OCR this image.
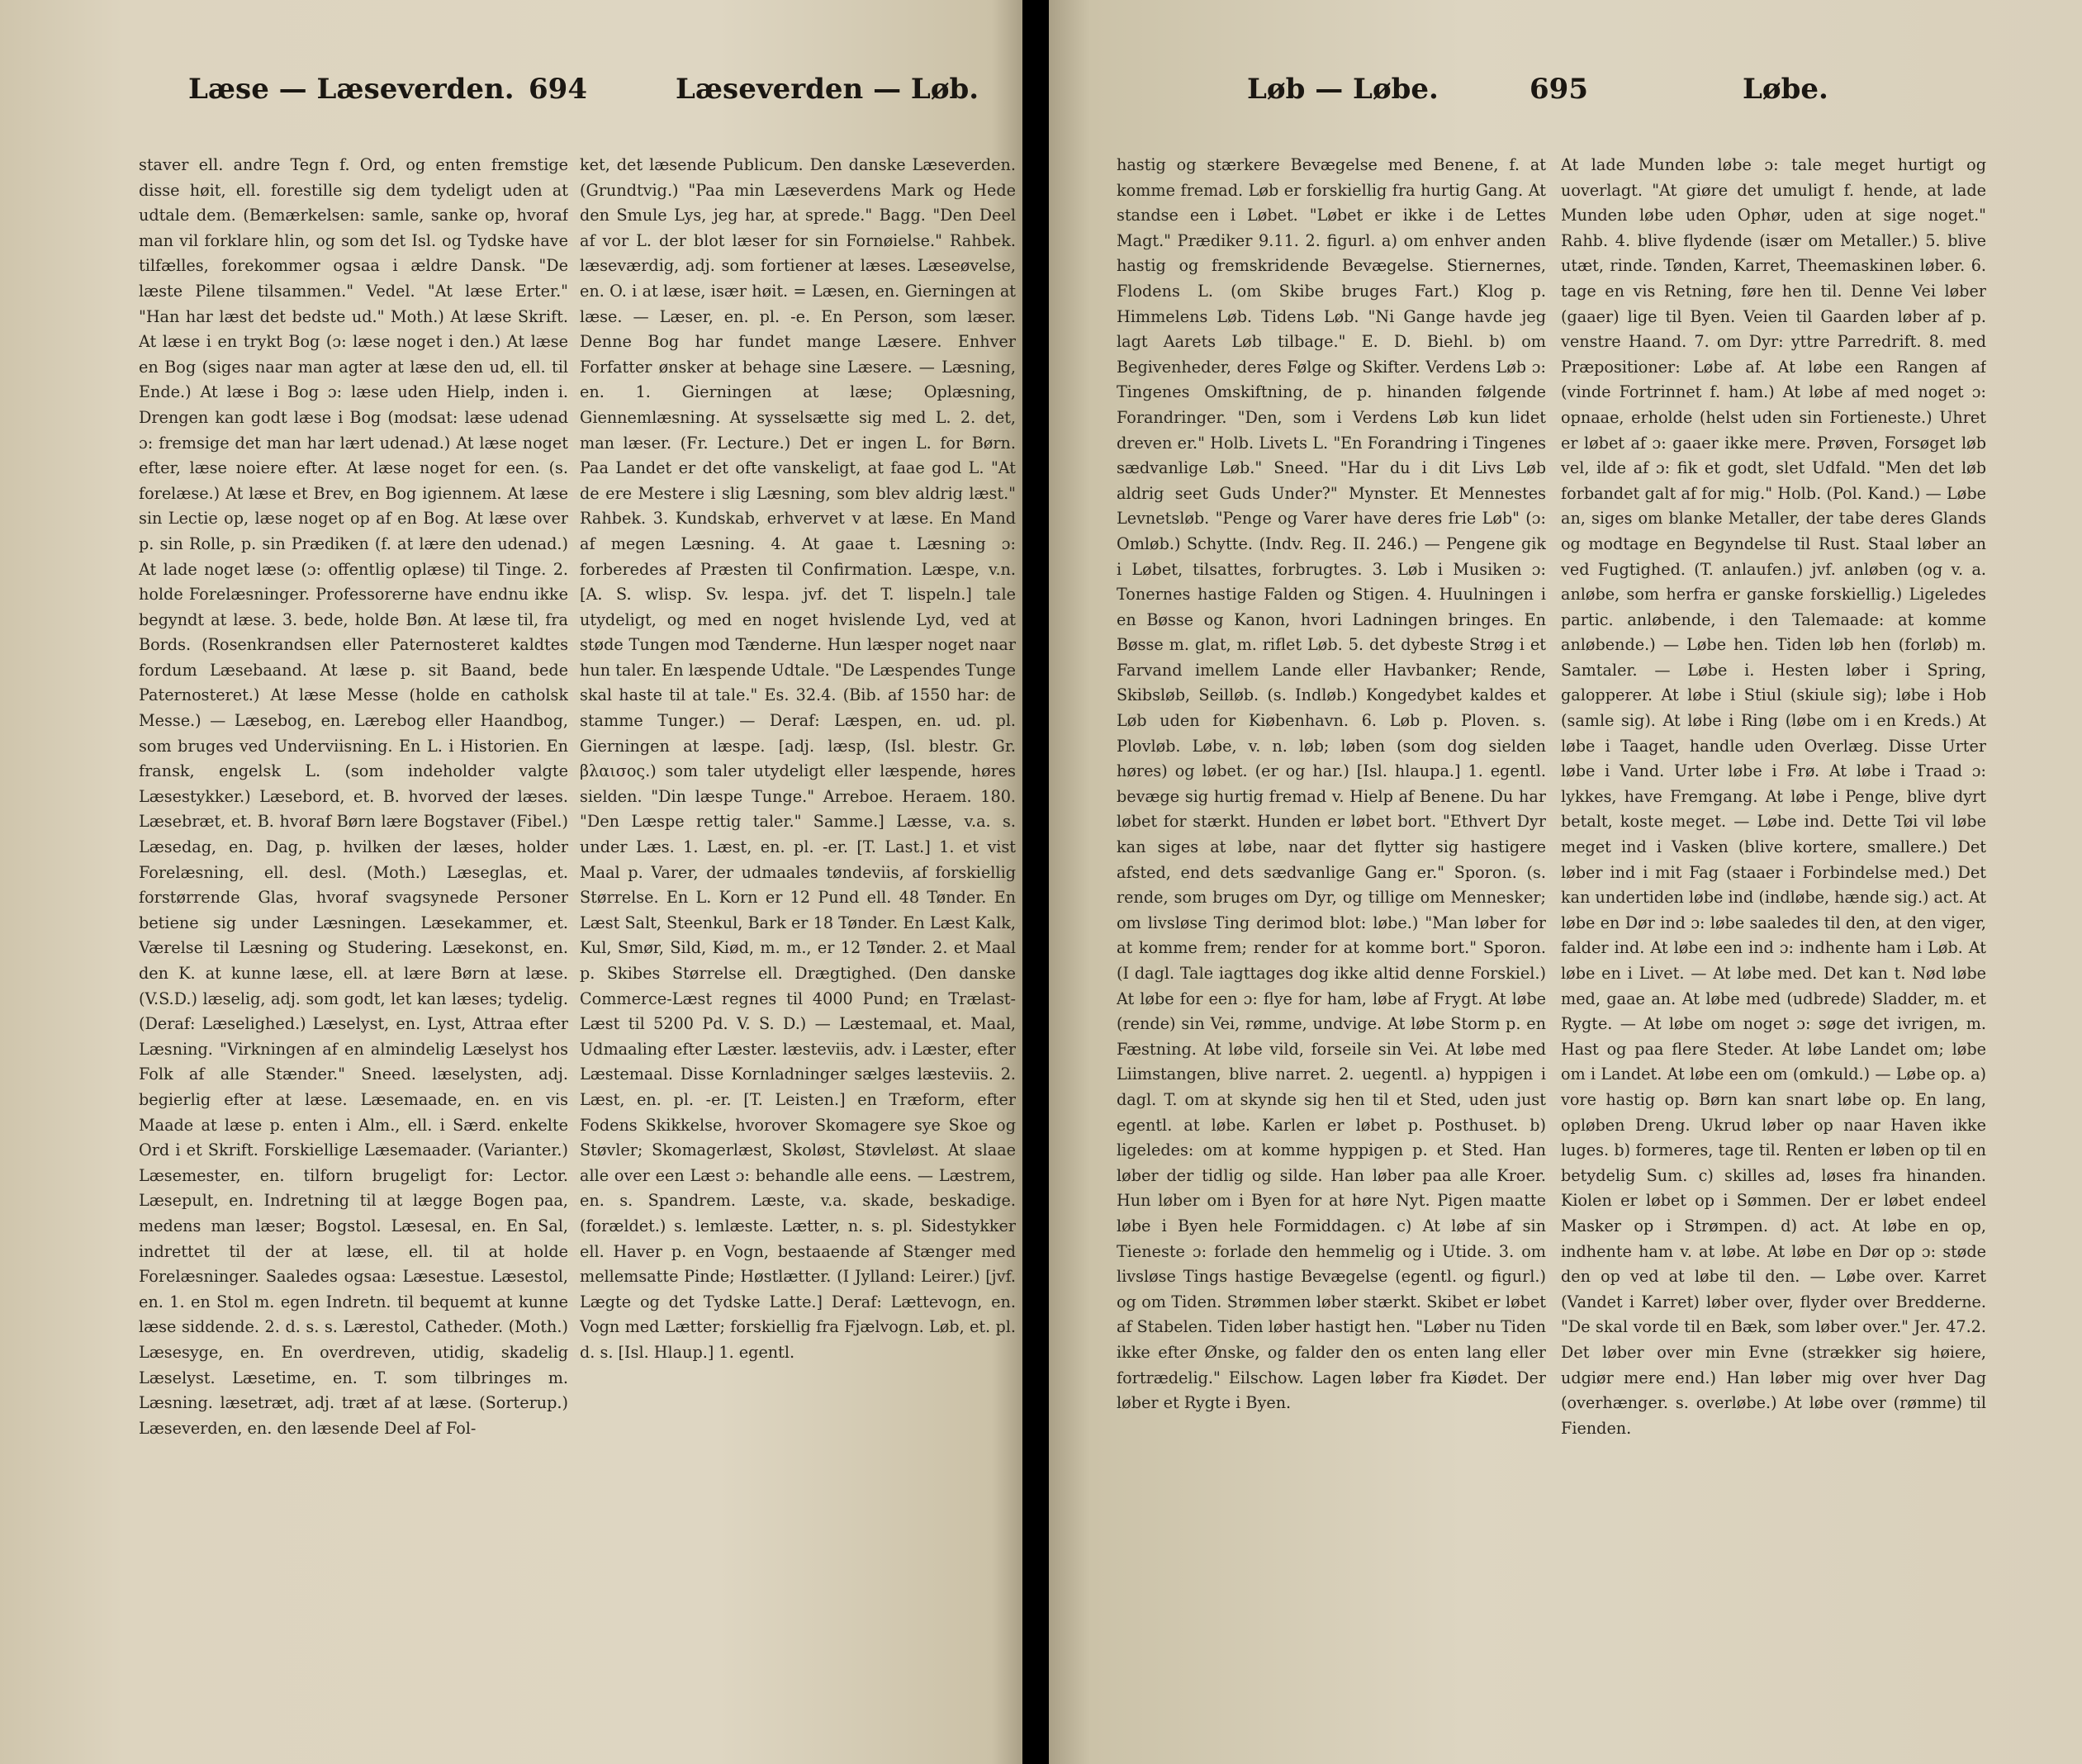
Læse — Læseverden. 694	Læseverden — Løb.

staver ell. andre Tegn f. Ord, og enten fremstige disse høit, ell. forestille sig dem tydeligt uden at udtale dem. (Bemærkelsen: samle, sanke op, hvoraf man vil forklare hlin, og som det Isl. og Tydske have tilfælles, forekommer ogsaa i ældre Dansk. "De læste Pilene tilsammen." Vedel. "At læse Erter." "Han har læst det bedste ud." Moth.) At læse Skrift. At læse i en trykt Bog (ɔ: læse noget i den.) At læse en Bog (siges naar man agter at læse den ud, ell. til Ende.) At læse i Bog ɔ: læse uden Hielp, inden i. Drengen kan godt læse i Bog (modsat: læse udenad ɔ: fremsige det man har lært udenad.) At læse noget efter, læse noiere efter. At læse noget for een. (s. forelæse.) At læse et Brev, en Bog igiennem. At læse sin Lectie op, læse noget op af en Bog. At læse over p. sin Rolle, p. sin Prædiken (f. at lære den udenad.) At lade noget læse (ɔ: offentlig oplæse) til Tinge. 2. holde Forelæsninger. Professorerne have endnu ikke begyndt at læse. 3. bede, holde Bøn. At læse til, fra Bords. (Rosenkrandsen eller Paternosteret kaldtes fordum Læsebaand. At læse p. sit Baand, bede Paternosteret.) At læse Messe (holde en catholsk Messe.) — Læsebog, en. Lærebog eller Haandbog, som bruges ved Underviisning. En L. i Historien. En fransk, engelsk L. (som indeholder valgte Læsestykker.) Læsebord, et. B. hvorved der læses. Læsebræt, et. B. hvoraf Børn lære Bogstaver (Fibel.) Læsedag, en. Dag, p. hvilken der læses, holder Forelæsning, ell. desl. (Moth.) Læseglas, et. forstørrende Glas, hvoraf svagsynede Personer betiene sig under Læsningen. Læsekammer, et. Værelse til Læsning og Studering. Læsekonst, en. den K. at kunne læse, ell. at lære Børn at læse. (V.S.D.) læselig, adj. som godt, let kan læses; tydelig. (Deraf: Læselighed.) Læselyst, en. Lyst, Attraa efter Læsning. "Virkningen af en almindelig Læselyst hos Folk af alle Stænder." Sneed. læselysten, adj. begierlig efter at læse. Læsemaade, en. en vis Maade at læse p. enten i Alm., ell. i Særd. enkelte Ord i et Skrift. Forskiellige Læsemaader. (Varianter.) Læsemester, en. tilforn brugeligt for: Lector. Læsepult, en. Indretning til at lægge Bogen paa, medens man læser; Bogstol. Læsesal, en. En Sal, indrettet til der at læse, ell. til at holde Forelæsninger. Saaledes ogsaa: Læsestue. Læsestol, en. 1. en Stol m. egen Indretn. til bequemt at kunne læse siddende. 2. d. s. s. Lærestol, Catheder. (Moth.) Læsesyge, en. En overdreven, utidig, skadelig Læselyst. Læsetime, en. T. som tilbringes m. Læsning. læsetræt, adj. træt af at læse. (Sorterup.) Læseverden, en. den læsende Deel af Fol-

ket, det læsende Publicum. Den danske Læseverden. (Grundtvig.) "Paa min Læseverdens Mark og Hede den Smule Lys, jeg har, at sprede." Bagg. "Den Deel af vor L. der blot læser for sin Fornøielse." Rahbek. læseværdig, adj. som fortiener at læses. Læseøvelse, en. O. i at læse, især høit. = Læsen, en. Gierningen at læse. — Læser, en. pl. -e. En Person, som læser. Denne Bog har fundet mange Læsere. Enhver Forfatter ønsker at behage sine Læsere. — Læsning, en. 1. Gierningen at læse; Oplæsning, Giennemlæsning. At sysselsætte sig med L. 2. det, man læser. (Fr. Lecture.) Det er ingen L. for Børn. Paa Landet er det ofte vanskeligt, at faae god L. "At de ere Mestere i slig Læsning, som blev aldrig læst." Rahbek. 3. Kundskab, erhvervet v at læse. En Mand af megen Læsning. 4. At gaae t. Læsning ɔ: forberedes af Præsten til Confirmation. Læspe, v.n. [A. S. wlisp. Sv. lespa. jvf. det T. lispeln.] tale utydeligt, og med en noget hvislende Lyd, ved at støde Tungen mod Tænderne. Hun læsper noget naar hun taler. En læspende Udtale. "De Læspendes Tunge skal haste til at tale." Es. 32.4. (Bib. af 1550 har: de stamme Tunger.) — Deraf: Læspen, en. ud. pl. Gierningen at læspe. [adj. læsp, (Isl. blestr. Gr. βλαισος.) som taler utydeligt eller læspende, høres sielden. "Din læspe Tunge." Arreboe. Heraem. 180. "Den Læspe rettig taler." Samme.] Læsse, v.a. s. under Læs. 1. Læst, en. pl. -er. [T. Last.] 1. et vist Maal p. Varer, der udmaales tøndeviis, af forskiellig Størrelse. En L. Korn er 12 Pund ell. 48 Tønder. En Læst Salt, Steenkul, Bark er 18 Tønder. En Læst Kalk, Kul, Smør, Sild, Kiød, m. m., er 12 Tønder. 2. et Maal p. Skibes Størrelse ell. Drægtighed. (Den danske Commerce-Læst regnes til 4000 Pund; en Trælast-Læst til 5200 Pd. V. S. D.) — Læstemaal, et. Maal, Udmaaling efter Læster. læsteviis, adv. i Læster, efter Læstemaal. Disse Kornladninger sælges læsteviis. 2. Læst, en. pl. -er. [T. Leisten.] en Træform, efter Fodens Skikkelse, hvorover Skomagere sye Skoe og Støvler; Skomagerlæst, Skoløst, Støvleløst. At slaae alle over een Læst ɔ: behandle alle eens. — Læstrem, en. s. Spandrem. Læste, v.a. skade, beskadige. (forældet.) s. lemlæste. Lætter, n. s. pl. Sidestykker ell. Haver p. en Vogn, bestaaende af Stænger med mellemsatte Pinde; Høstlætter. (I Jylland: Leirer.) [jvf. Lægte og det Tydske Latte.] Deraf: Lættevogn, en. Vogn med Lætter; forskiellig fra Fjælvogn. Løb, et. pl. d. s. [Isl. Hlaup.] 1. egentl.

Løb — Løbe.	695	Løbe.

hastig og stærkere Bevægelse med Benene, f. at komme fremad. Løb er forskiellig fra hurtig Gang. At standse een i Løbet. "Løbet er ikke i de Lettes Magt." Prædiker 9.11. 2. figurl. a) om enhver anden hastig og fremskridende Bevægelse. Stiernernes, Flodens L. (om Skibe bruges Fart.) Klog p. Himmelens Løb. Tidens Løb. "Ni Gange havde jeg lagt Aarets Løb tilbage." E. D. Biehl. b) om Begivenheder, deres Følge og Skifter. Verdens Løb ɔ: Tingenes Omskiftning, de p. hinanden følgende Forandringer. "Den, som i Verdens Løb kun lidet dreven er." Holb. Livets L. "En Forandring i Tingenes sædvanlige Løb." Sneed. "Har du i dit Livs Løb aldrig seet Guds Under?" Mynster. Et Mennestes Levnetsløb. "Penge og Varer have deres frie Løb" (ɔ: Omløb.) Schytte. (Indv. Reg. II. 246.) — Pengene gik i Løbet, tilsattes, forbrugtes. 3. Løb i Musiken ɔ: Tonernes hastige Falden og Stigen. 4. Huulningen i en Bøsse og Kanon, hvori Ladningen bringes. En Bøsse m. glat, m. riflet Løb. 5. det dybeste Strøg i et Farvand imellem Lande eller Havbanker; Rende, Skibsløb, Seilløb. (s. Indløb.) Kongedybet kaldes et Løb uden for Kiøbenhavn. 6. Løb p. Ploven. s. Plovløb. Løbe, v. n. løb; løben (som dog sielden høres) og løbet. (er og har.) [Isl. hlaupa.] 1. egentl. bevæge sig hurtig fremad v. Hielp af Benene. Du har løbet for stærkt. Hunden er løbet bort. "Ethvert Dyr kan siges at løbe, naar det flytter sig hastigere afsted, end dets sædvanlige Gang er." Sporon. (s. rende, som bruges om Dyr, og tillige om Mennesker; om livsløse Ting derimod blot: løbe.) "Man løber for at komme frem; render for at komme bort." Sporon. (I dagl. Tale iagttages dog ikke altid denne Forskiel.) At løbe for een ɔ: flye for ham, løbe af Frygt. At løbe (rende) sin Vei, rømme, undvige. At løbe Storm p. en Fæstning. At løbe vild, forseile sin Vei. At løbe med Liimstangen, blive narret. 2. uegentl. a) hyppigen i dagl. T. om at skynde sig hen til et Sted, uden just egentl. at løbe. Karlen er løbet p. Posthuset. b) ligeledes: om at komme hyppigen p. et Sted. Han løber der tidlig og silde. Han løber paa alle Kroer. Hun løber om i Byen for at høre Nyt. Pigen maatte løbe i Byen hele Formiddagen. c) At løbe af sin Tieneste ɔ: forlade den hemmelig og i Utide. 3. om livsløse Tings hastige Bevægelse (egentl. og figurl.) og om Tiden. Strømmen løber stærkt. Skibet er løbet af Stabelen. Tiden løber hastigt hen. "Løber nu Tiden ikke efter Ønske, og falder den os enten lang eller fortrædelig." Eilschow. Lagen løber fra Kiødet. Der løber et Rygte i Byen.

At lade Munden løbe ɔ: tale meget hurtigt og uoverlagt. "At giøre det umuligt f. hende, at lade Munden løbe uden Ophør, uden at sige noget." Rahb. 4. blive flydende (især om Metaller.) 5. blive utæt, rinde. Tønden, Karret, Theemaskinen løber. 6. tage en vis Retning, føre hen til. Denne Vei løber (gaaer) lige til Byen. Veien til Gaarden løber af p. venstre Haand. 7. om Dyr: yttre Parredrift. 8. med Præpositioner: Løbe af. At løbe een Rangen af (vinde Fortrinnet f. ham.) At løbe af med noget ɔ: opnaae, erholde (helst uden sin Fortieneste.) Uhret er løbet af ɔ: gaaer ikke mere. Prøven, Forsøget løb vel, ilde af ɔ: fik et godt, slet Udfald. "Men det løb forbandet galt af for mig." Holb. (Pol. Kand.) — Løbe an, siges om blanke Metaller, der tabe deres Glands og modtage en Begyndelse til Rust. Staal løber an ved Fugtighed. (T. anlaufen.) jvf. anløben (og v. a. anløbe, som herfra er ganske forskiellig.) Ligeledes partic. anløbende, i den Talemaade: at komme anløbende.) — Løbe hen. Tiden løb hen (forløb) m. Samtaler. — Løbe i. Hesten løber i Spring, galopperer. At løbe i Stiul (skiule sig); løbe i Hob (samle sig). At løbe i Ring (løbe om i en Kreds.) At løbe i Taaget, handle uden Overlæg. Disse Urter løbe i Vand. Urter løbe i Frø. At løbe i Traad ɔ: lykkes, have Fremgang. At løbe i Penge, blive dyrt betalt, koste meget. — Løbe ind. Dette Tøi vil løbe meget ind i Vasken (blive kortere, smallere.) Det løber ind i mit Fag (staaer i Forbindelse med.) Det kan undertiden løbe ind (indløbe, hænde sig.) act. At løbe en Dør ind ɔ: løbe saaledes til den, at den viger, falder ind. At løbe een ind ɔ: indhente ham i Løb. At løbe en i Livet. — At løbe med. Det kan t. Nød løbe med, gaae an. At løbe med (udbrede) Sladder, m. et Rygte. — At løbe om noget ɔ: søge det ivrigen, m. Hast og paa flere Steder. At løbe Landet om; løbe om i Landet. At løbe een om (omkuld.) — Løbe op. a) vore hastig op. Børn kan snart løbe op. En lang, opløben Dreng. Ukrud løber op naar Haven ikke luges. b) formeres, tage til. Renten er løben op til en betydelig Sum. c) skilles ad, løses fra hinanden. Kiolen er løbet op i Sømmen. Der er løbet endeel Masker op i Strømpen. d) act. At løbe en op, indhente ham v. at løbe. At løbe en Dør op ɔ: støde den op ved at løbe til den. — Løbe over. Karret (Vandet i Karret) løber over, flyder over Bredderne. "De skal vorde til en Bæk, som løber over." Jer. 47.2. Det løber over min Evne (strækker sig høiere, udgiør mere end.) Han løber mig over hver Dag (overhænger. s. overløbe.) At løbe over (rømme) til Fienden.
